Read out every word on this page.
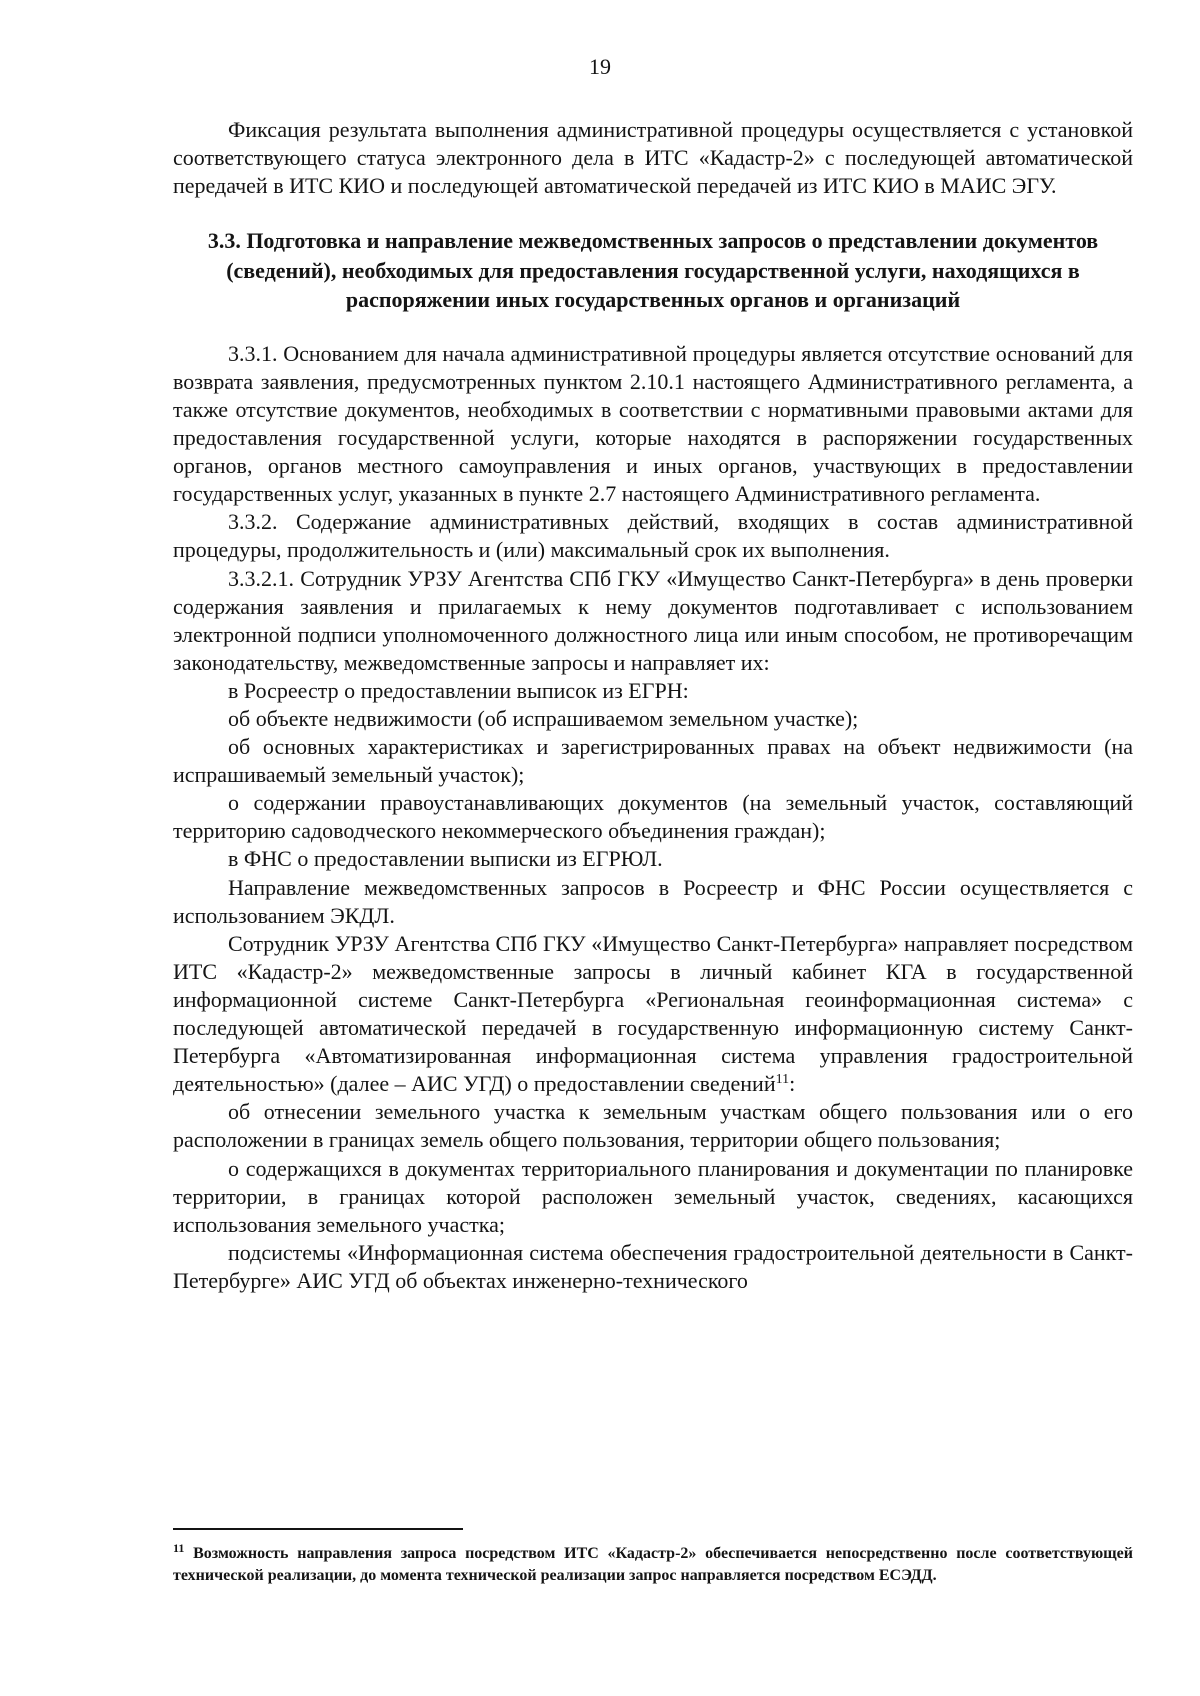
19

Фиксация результата выполнения административной процедуры осуществляется с установкой соответствующего статуса электронного дела в ИТС «Кадастр-2» с последующей автоматической передачей в ИТС КИО и последующей автоматической передачей из ИТС КИО в МАИС ЭГУ.

3.3. Подготовка и направление межведомственных запросов о представлении документов (сведений), необходимых для предоставления государственной услуги, находящихся в распоряжении иных государственных органов и организаций

3.3.1. Основанием для начала административной процедуры является отсутствие оснований для возврата заявления, предусмотренных пунктом 2.10.1 настоящего Административного регламента, а также отсутствие документов, необходимых в соответствии с нормативными правовыми актами для предоставления государственной услуги, которые находятся в распоряжении государственных органов, органов местного самоуправления и иных органов, участвующих в предоставлении государственных услуг, указанных в пункте 2.7 настоящего Административного регламента.

3.3.2. Содержание административных действий, входящих в состав административной процедуры, продолжительность и (или) максимальный срок их выполнения.

3.3.2.1. Сотрудник УРЗУ Агентства СПб ГКУ «Имущество Санкт-Петербурга» в день проверки содержания заявления и прилагаемых к нему документов подготавливает с использованием электронной подписи уполномоченного должностного лица или иным способом, не противоречащим законодательству, межведомственные запросы и направляет их:

в Росреестр о предоставлении выписок из ЕГРН:

об объекте недвижимости (об испрашиваемом земельном участке);

об основных характеристиках и зарегистрированных правах на объект недвижимости (на испрашиваемый земельный участок);

о содержании правоустанавливающих документов (на земельный участок, составляющий территорию садоводческого некоммерческого объединения граждан);

в ФНС о предоставлении выписки из ЕГРЮЛ.

Направление межведомственных запросов в Росреестр и ФНС России осуществляется с использованием ЭКДЛ.

Сотрудник УРЗУ Агентства СПб ГКУ «Имущество Санкт-Петербурга» направляет посредством ИТС «Кадастр-2» межведомственные запросы в личный кабинет КГА в государственной информационной системе Санкт-Петербурга «Региональная геоинформационная система» с последующей автоматической передачей в государственную информационную систему Санкт-Петербурга «Автоматизированная информационная система управления градостроительной деятельностью» (далее – АИС УГД) о предоставлении сведений$^{11}$:

об отнесении земельного участка к земельным участкам общего пользования или о его расположении в границах земель общего пользования, территории общего пользования;

о содержащихся в документах территориального планирования и документации по планировке территории, в границах которой расположен земельный участок, сведениях, касающихся использования земельного участка;

подсистемы «Информационная система обеспечения градостроительной деятельности в Санкт-Петербурге» АИС УГД об объектах инженерно-технического

$^{11}$ Возможность направления запроса посредством ИТС «Кадастр-2» обеспечивается непосредственно после соответствующей технической реализации, до момента технической реализации запрос направляется посредством ЕСЭДД.
